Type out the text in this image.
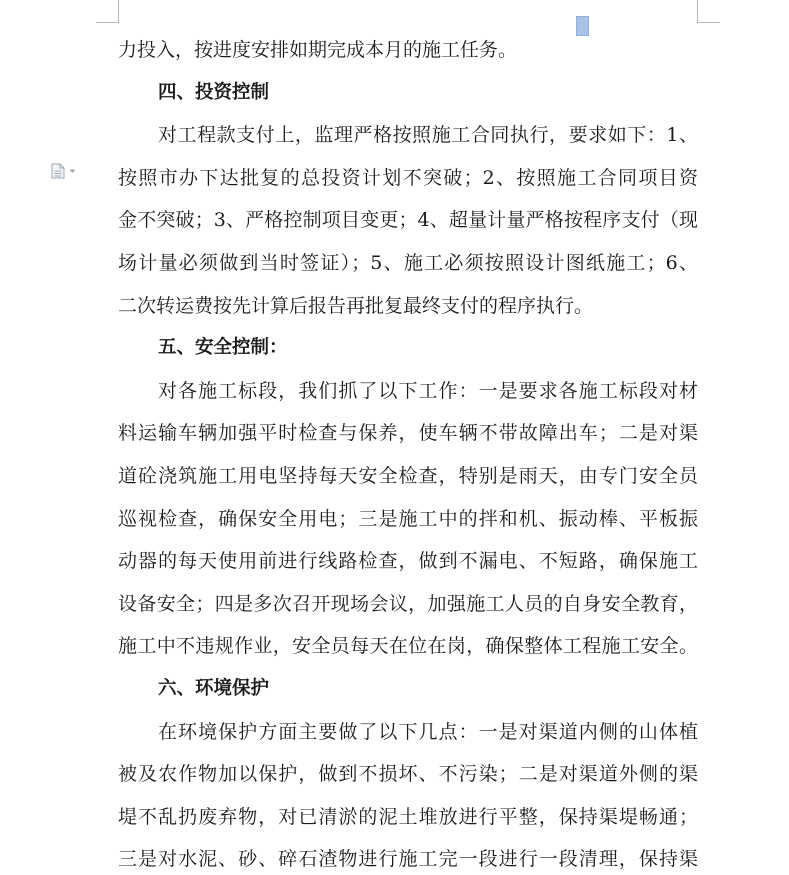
力投入，按进度安排如期完成本月的施工任务。
四、投资控制
对工程款支付上，监理严格按照施工合同执行，要求如下：1、
按照市办下达批复的总投资计划不突破；2、按照施工合同项目资
金不突破；3、严格控制项目变更；4、超量计量严格按程序支付（现
场计量必须做到当时签证）；5、施工必须按照设计图纸施工；6、
二次转运费按先计算后报告再批复最终支付的程序执行。
五、安全控制：
对各施工标段，我们抓了以下工作：一是要求各施工标段对材
料运输车辆加强平时检查与保养，使车辆不带故障出车；二是对渠
道砼浇筑施工用电坚持每天安全检查，特别是雨天，由专门安全员
巡视检查，确保安全用电；三是施工中的拌和机、振动棒、平板振
动器的每天使用前进行线路检查，做到不漏电、不短路，确保施工
设备安全；四是多次召开现场会议，加强施工人员的自身安全教育，
施工中不违规作业，安全员每天在位在岗，确保整体工程施工安全。
六、环境保护
在环境保护方面主要做了以下几点：一是对渠道内侧的山体植
被及农作物加以保护，做到不损坏、不污染；二是对渠道外侧的渠
堤不乱扔废弃物，对已清淤的泥土堆放进行平整，保持渠堤畅通；
三是对水泥、砂、碎石渣物进行施工完一段进行一段清理，保持渠
